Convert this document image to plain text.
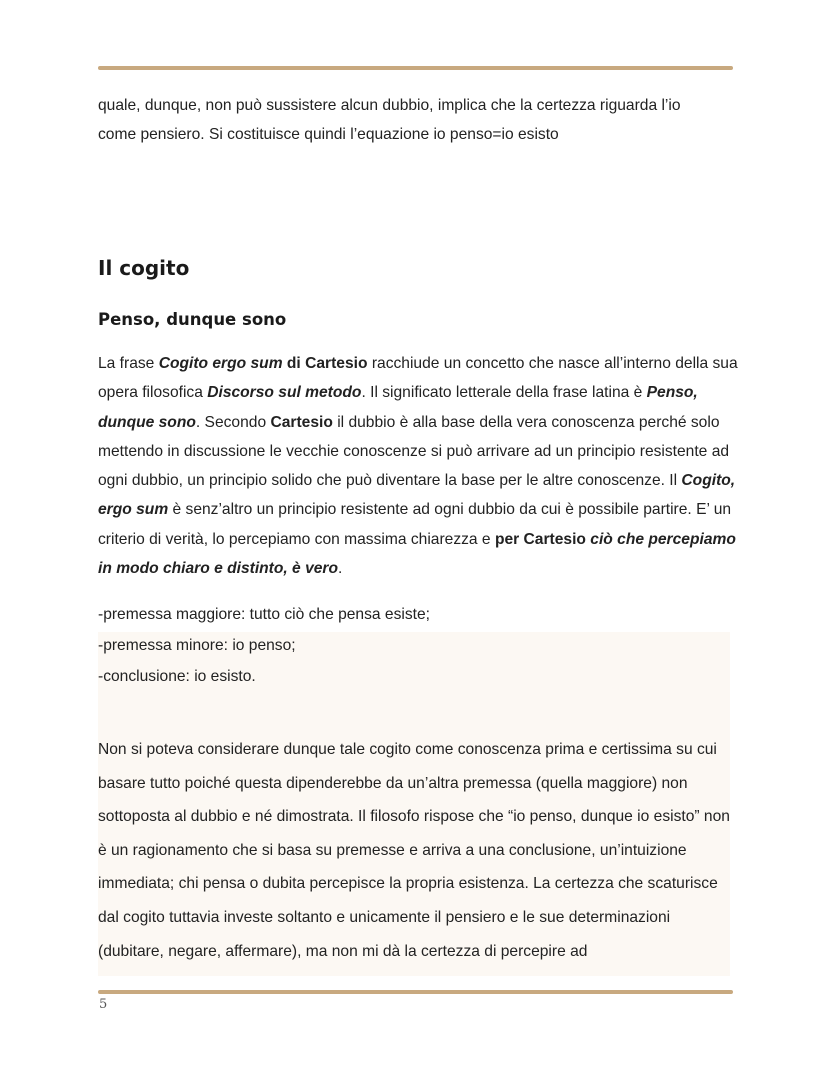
quale, dunque, non può sussistere alcun dubbio, implica che la certezza riguarda l’io
come pensiero. Si costituisce quindi l’equazione io penso=io esisto

Il cogito
Penso, dunque sono

La frase Cogito ergo sum di Cartesio racchiude un concetto che nasce all’interno della sua opera filosofica Discorso sul metodo. Il significato letterale della frase latina è Penso, dunque sono. Secondo Cartesio il dubbio è alla base della vera conoscenza perché solo mettendo in discussione le vecchie conoscenze si può arrivare ad un principio resistente ad ogni dubbio, un principio solido che può diventare la base per le altre conoscenze. Il Cogito, ergo sum è senz’altro un principio resistente ad ogni dubbio da cui è possibile partire. E’ un criterio di verità, lo percepiamo con massima chiarezza e per Cartesio ciò che percepiamo in modo chiaro e distinto, è vero.

-premessa maggiore: tutto ciò che pensa esiste;
-premessa minore: io penso;
-conclusione: io esisto.

Non si poteva considerare dunque tale cogito come conoscenza prima e certissima su cui basare tutto poiché questa dipenderebbe da un’altra premessa (quella maggiore) non sottoposta al dubbio e né dimostrata. Il filosofo rispose che “io penso, dunque io esisto” non è un ragionamento che si basa su premesse e arriva a una conclusione, un’intuizione immediata; chi pensa o dubita percepisce la propria esistenza. La certezza che scaturisce dal cogito tuttavia investe soltanto e unicamente il pensiero e le sue determinazioni (dubitare, negare, affermare), ma non mi dà la certezza di percepire ad

5
